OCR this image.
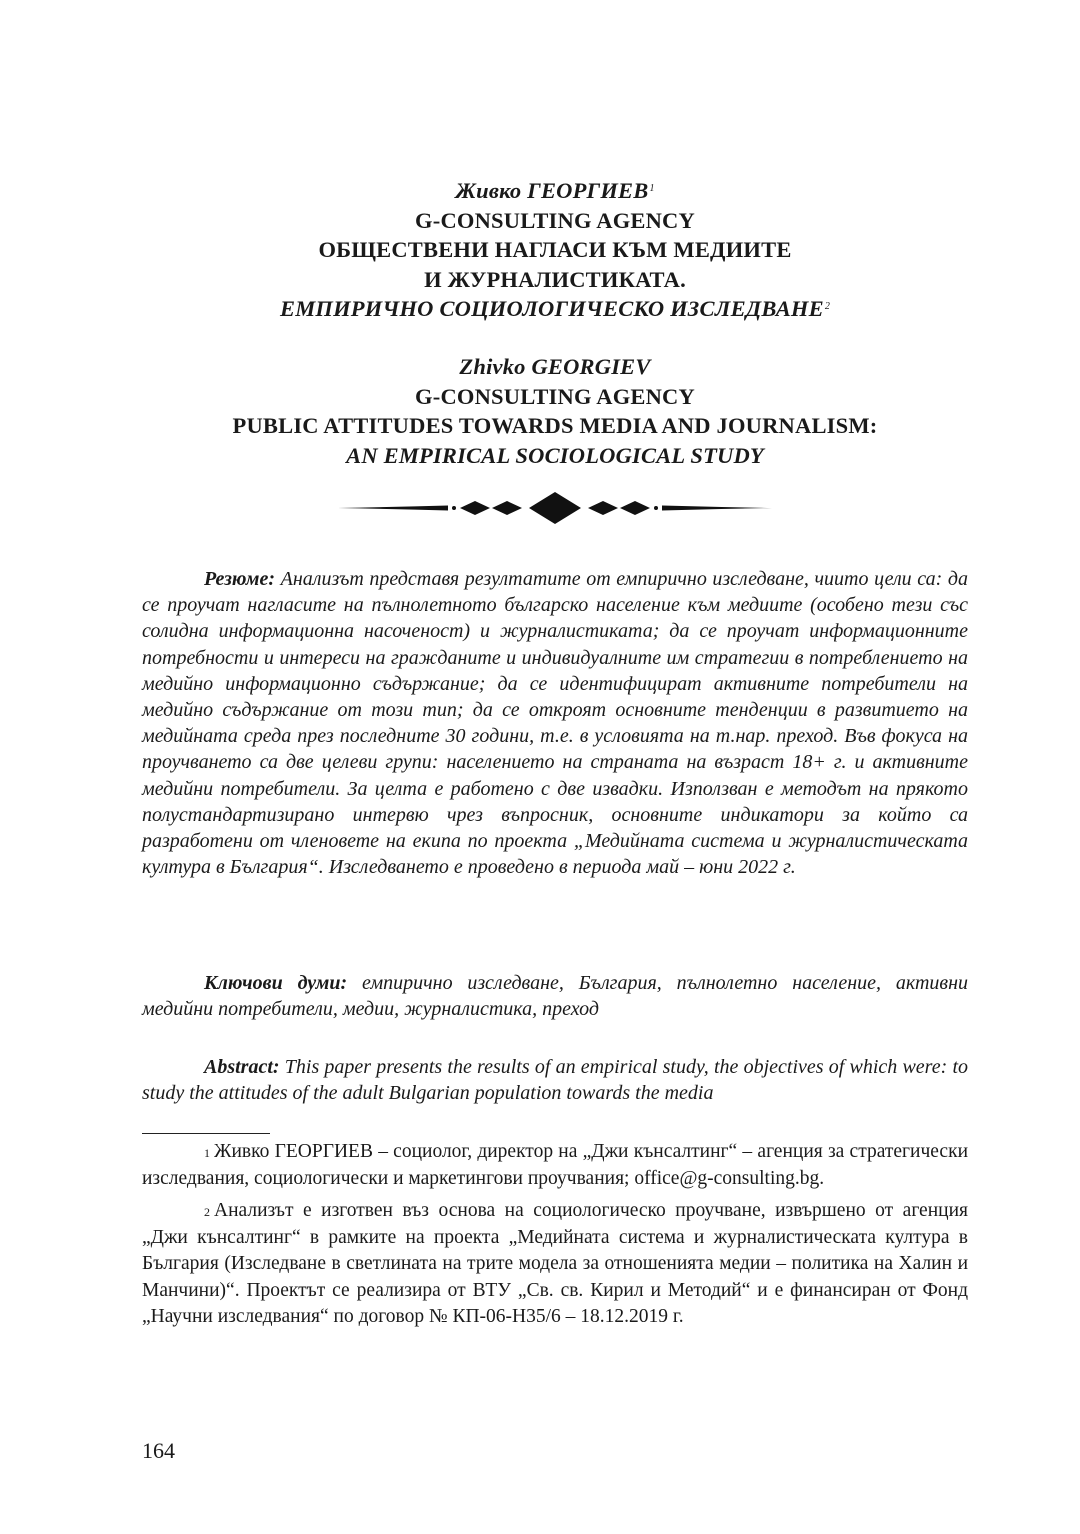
Живко ГЕОРГИЕВ$^1$
G-CONSULTING AGENCY
ОБЩЕСТВЕНИ НАГЛАСИ КЪМ МЕДИИТЕ
И ЖУРНАЛИСТИКАТА.
ЕМПИРИЧНО СОЦИОЛОГИЧЕСКО ИЗСЛЕДВАНЕ$^2$
Zhivko GEORGIEV
G-CONSULTING AGENCY
PUBLIC ATTITUDES TOWARDS MEDIA AND JOURNALISM:
AN EMPIRICAL SOCIOLOGICAL STUDY

Резюме: Анализът представя резултатите от емпирично изследване, чиито цели са: да се проучат нагласите на пълнолетното българско население към медиите (особено тези със солидна информационна насоченост) и журналистиката; да се проучат информационните потребности и интереси на гражданите и индивидуалните им стратегии в потреблението на медийно информационно съдържание; да се идентифицират активните потребители на медийно съдържание от този тип; да се откроят основните тенденции в развитието на медийната среда през последните 30 години, т.е. в условията на т.нар. преход. Във фокуса на проучването са две целеви групи: населението на страната на възраст 18+ г. и активните медийни потребители. За целта е работено с две извадки. Използван е методът на прякото полустандартизирано интервю чрез въпросник, основните индикатори за който са разработени от членовете на екипа по проекта „Медийната система и журналистическата култура в България“. Изследването е проведено в периода май – юни 2022 г.

Ключови думи: емпирично изследване, България, пълнолетно население, активни медийни потребители, медии, журналистика, преход

Abstract: This paper presents the results of an empirical study, the objectives of which were: to study the attitudes of the adult Bulgarian population towards the media

$^1$ Живко ГЕОРГИЕВ – социолог, директор на „Джи кънсалтинг“ – агенция за стратегически изследвания, социологически и маркетингови проучвания; office@g-consulting.bg.

$^2$ Анализът е изготвен въз основа на социологическо проучване, извършено от агенция „Джи кънсалтинг“ в рамките на проекта „Медийната система и журналистическата култура в България (Изследване в светлината на трите модела за отношенията медии – политика на Халин и Манчини)“. Проектът се реализира от ВТУ „Св. св. Кирил и Методий“ и е финансиран от Фонд „Научни изследвания“ по договор № КП-06-Н35/6 – 18.12.2019 г.

164
